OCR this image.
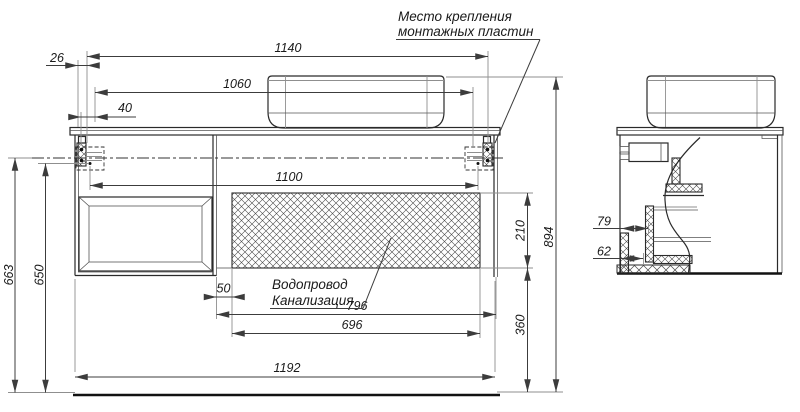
1140
26
1060
40
1100
663 650
50
796
696
1192
210
360
894
Место крепления
монтажных пластин
Водопровод
Канализация
79
62
